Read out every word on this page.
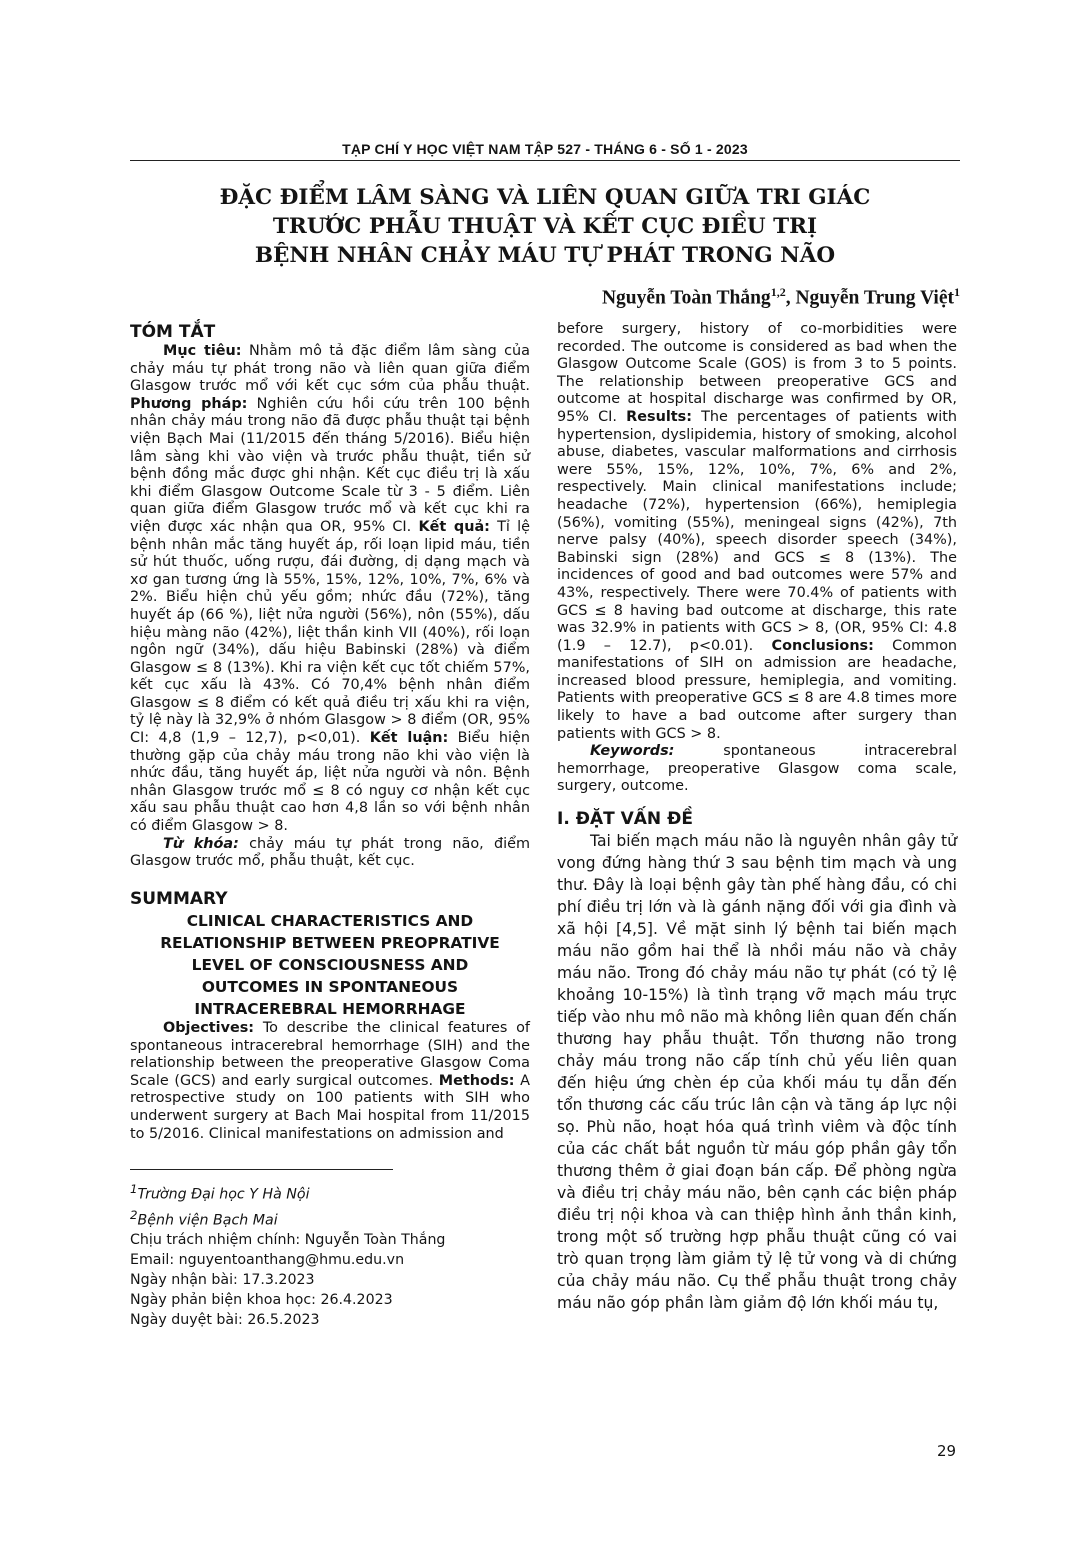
TẠP CHÍ Y HỌC VIỆT NAM TẬP 527 - THÁNG 6 - SỐ 1 - 2023
ĐẶC ĐIỂM LÂM SÀNG VÀ LIÊN QUAN GIỮA TRI GIÁC
TRƯỚC PHẪU THUẬT VÀ KẾT CỤC ĐIỀU TRỊ
BỆNH NHÂN CHẢY MÁU TỰ PHÁT TRONG NÃO
Nguyễn Toàn Thắng$^{1,2}$, Nguyễn Trung Việt$^1$
TÓM TẮT

Mục tiêu: Nhằm mô tả đặc điểm lâm sàng của chảy máu tự phát trong não và liên quan giữa điểm Glasgow trước mổ với kết cục sớm của phẫu thuật. Phương pháp: Nghiên cứu hồi cứu trên 100 bệnh nhân chảy máu trong não đã được phẫu thuật tại bệnh viện Bạch Mai (11/2015 đến tháng 5/2016). Biểu hiện lâm sàng khi vào viện và trước phẫu thuật, tiền sử bệnh đồng mắc được ghi nhận. Kết cục điều trị là xấu khi điểm Glasgow Outcome Scale từ 3 - 5 điểm. Liên quan giữa điểm Glasgow trước mổ và kết cục khi ra viện được xác nhận qua OR, 95% CI. Kết quả: Tỉ lệ bệnh nhân mắc tăng huyết áp, rối loạn lipid máu, tiền sử hút thuốc, uống rượu, đái đường, dị dạng mạch và xơ gan tương ứng là 55%, 15%, 12%, 10%, 7%, 6% và 2%. Biểu hiện chủ yếu gồm; nhức đầu (72%), tăng huyết áp (66 %), liệt nửa người (56%), nôn (55%), dấu hiệu màng não (42%), liệt thần kinh VII (40%), rối loạn ngôn ngữ (34%), dấu hiệu Babinski (28%) và điểm Glasgow ≤ 8 (13%). Khi ra viện kết cục tốt chiếm 57%, kết cục xấu là 43%. Có 70,4% bệnh nhân điểm Glasgow ≤ 8 điểm có kết quả điều trị xấu khi ra viện, tỷ lệ này là 32,9% ở nhóm Glasgow > 8 điểm (OR, 95% CI: 4,8 (1,9 – 12,7), p<0,01). Kết luận: Biểu hiện thường gặp của chảy máu trong não khi vào viện là nhức đầu, tăng huyết áp, liệt nửa người và nôn. Bệnh nhân Glasgow trước mổ ≤ 8 có nguy cơ nhận kết cục xấu sau phẫu thuật cao hơn 4,8 lần so với bệnh nhân có điểm Glasgow > 8.

Từ khóa: chảy máu tự phát trong não, điểm Glasgow trước mổ, phẫu thuật, kết cục.

SUMMARY

CLINICAL CHARACTERISTICS AND

RELATIONSHIP BETWEEN PREOPRATIVE

LEVEL OF CONSCIOUSNESS AND

OUTCOMES IN SPONTANEOUS

INTRACEREBRAL HEMORRHAGE

Objectives: To describe the clinical features of spontaneous intracerebral hemorrhage (SIH) and the relationship between the preoperative Glasgow Coma Scale (GCS) and early surgical outcomes. Methods: A retrospective study on 100 patients with SIH who underwent surgery at Bach Mai hospital from 11/2015 to 5/2016. Clinical manifestations on admission and

$^1$Trường Đại học Y Hà Nội
$^2$Bệnh viện Bạch Mai
Chịu trách nhiệm chính: Nguyễn Toàn Thắng
Email: nguyentoanthang@hmu.edu.vn
Ngày nhận bài: 17.3.2023
Ngày phản biện khoa học: 26.4.2023
Ngày duyệt bài: 26.5.2023

before surgery, history of co-morbidities were recorded. The outcome is considered as bad when the Glasgow Outcome Scale (GOS) is from 3 to 5 points. The relationship between preoperative GCS and outcome at hospital discharge was confirmed by OR, 95% CI. Results: The percentages of patients with hypertension, dyslipidemia, history of smoking, alcohol abuse, diabetes, vascular malformations and cirrhosis were 55%, 15%, 12%, 10%, 7%, 6% and 2%, respectively. Main clinical manifestations include; headache (72%), hypertension (66%), hemiplegia (56%), vomiting (55%), meningeal signs (42%), 7th nerve palsy (40%), speech disorder speech (34%), Babinski sign (28%) and GCS ≤ 8 (13%). The incidences of good and bad outcomes were 57% and 43%, respectively. There were 70.4% of patients with GCS ≤ 8 having bad outcome at discharge, this rate was 32.9% in patients with GCS > 8, (OR, 95% CI: 4.8 (1.9 – 12.7), p<0.01). Conclusions: Common manifestations of SIH on admission are headache, increased blood pressure, hemiplegia, and vomiting. Patients with preoperative GCS ≤ 8 are 4.8 times more likely to have a bad outcome after surgery than patients with GCS > 8.

Keywords: spontaneous intracerebral hemorrhage, preoperative Glasgow coma scale, surgery, outcome.

I. ĐẶT VẤN ĐỀ

Tai biến mạch máu não là nguyên nhân gây tử vong đứng hàng thứ 3 sau bệnh tim mạch và ung thư. Đây là loại bệnh gây tàn phế hàng đầu, có chi phí điều trị lớn và là gánh nặng đối với gia đình và xã hội [4,5]. Về mặt sinh lý bệnh tai biến mạch máu não gồm hai thể là nhồi máu não và chảy máu não. Trong đó chảy máu não tự phát (có tỷ lệ khoảng 10-15%) là tình trạng vỡ mạch máu trực tiếp vào nhu mô não mà không liên quan đến chấn thương hay phẫu thuật. Tổn thương não trong chảy máu trong não cấp tính chủ yếu liên quan đến hiệu ứng chèn ép của khối máu tụ dẫn đến tổn thương các cấu trúc lân cận và tăng áp lực nội sọ. Phù não, hoạt hóa quá trình viêm và độc tính của các chất bắt nguồn từ máu góp phần gây tổn thương thêm ở giai đoạn bán cấp. Để phòng ngừa và điều trị chảy máu não, bên cạnh các biện pháp điều trị nội khoa và can thiệp hình ảnh thần kinh, trong một số trường hợp phẫu thuật cũng có vai trò quan trọng làm giảm tỷ lệ tử vong và di chứng của chảy máu não. Cụ thể phẫu thuật trong chảy máu não góp phần làm giảm độ lớn khối máu tụ,

29
